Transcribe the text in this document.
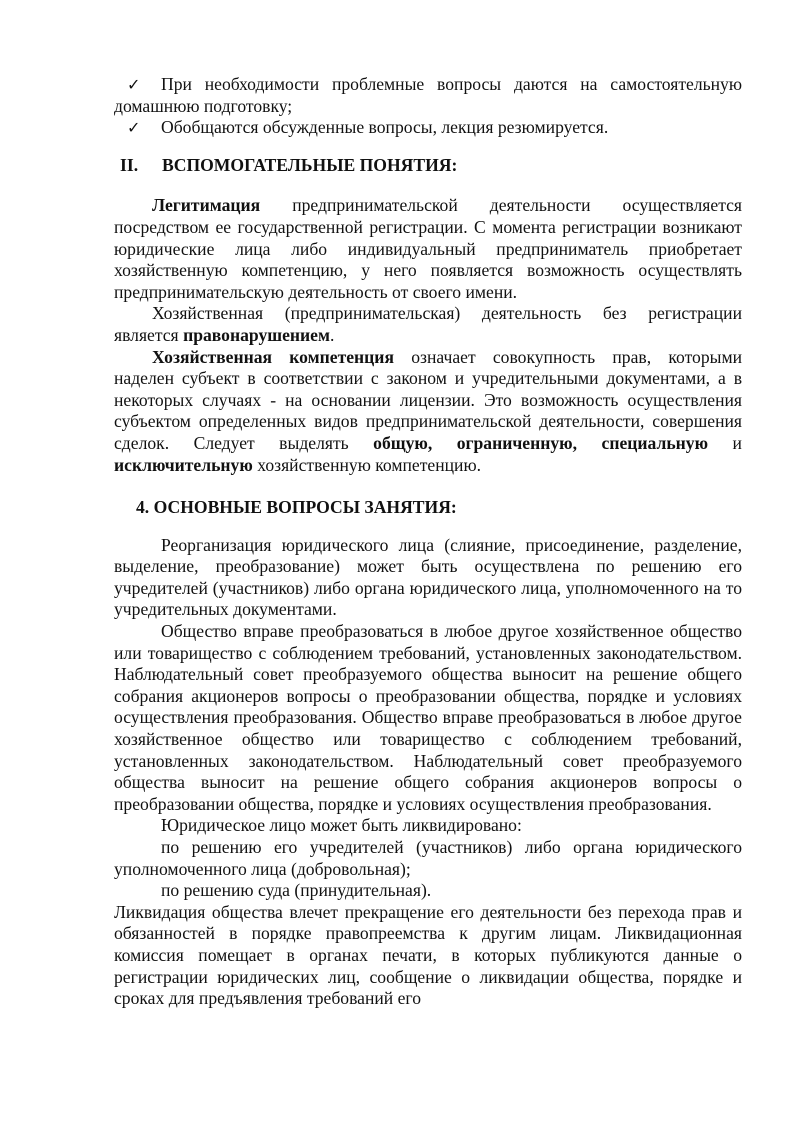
✓ При необходимости проблемные вопросы даются на самостоятельную домашнюю подготовку;

✓ Обобщаются обсужденные вопросы, лекция резюмируется.

II. ВСПОМОГАТЕЛЬНЫЕ ПОНЯТИЯ:

Легитимация предпринимательской деятельности осуществляется посредством ее государственной регистрации. С момента регистрации возникают юридические лица либо индивидуальный предприниматель приобретает хозяйственную компетенцию, у него появляется возможность осуществлять предпринимательскую деятельность от своего имени.

Хозяйственная (предпринимательская) деятельность без регистрации является правонарушением.

Хозяйственная компетенция означает совокупность прав, которыми наделен субъект в соответствии с законом и учредительными документами, а в некоторых случаях - на основании лицензии. Это возможность осуществления субъектом определенных видов предпринимательской деятельности, совершения сделок. Следует выделять общую, ограниченную, специальную и исключительную хозяйственную компетенцию.

4. ОСНОВНЫЕ ВОПРОСЫ ЗАНЯТИЯ:

Реорганизация юридического лица (слияние, присоединение, разделение, выделение, преобразование) может быть осуществлена по решению его учредителей (участников) либо органа юридического лица, уполномоченного на то учредительных документами.

Общество вправе преобразоваться в любое другое хозяйственное общество или товарищество с соблюдением требований, установленных законодательством. Наблюдательный совет преобразуемого общества выносит на решение общего собрания акционеров вопросы о преобразовании общества, порядке и условиях осуществления преобразования. Общество вправе преобразоваться в любое другое хозяйственное общество или товарищество с соблюдением требований, установленных законодательством. Наблюдательный совет преобразуемого общества выносит на решение общего собрания акционеров вопросы о преобразовании общества, порядке и условиях осуществления преобразования.

Юридическое лицо может быть ликвидировано:

по решению его учредителей (участников) либо органа юридического уполномоченного лица (добровольная);

по решению суда (принудительная).

Ликвидация общества влечет прекращение его деятельности без перехода прав и обязанностей в порядке правопреемства к другим лицам. Ликвидационная комиссия помещает в органах печати, в которых публикуются данные о регистрации юридических лиц, сообщение о ликвидации общества, порядке и сроках для предъявления требований его
